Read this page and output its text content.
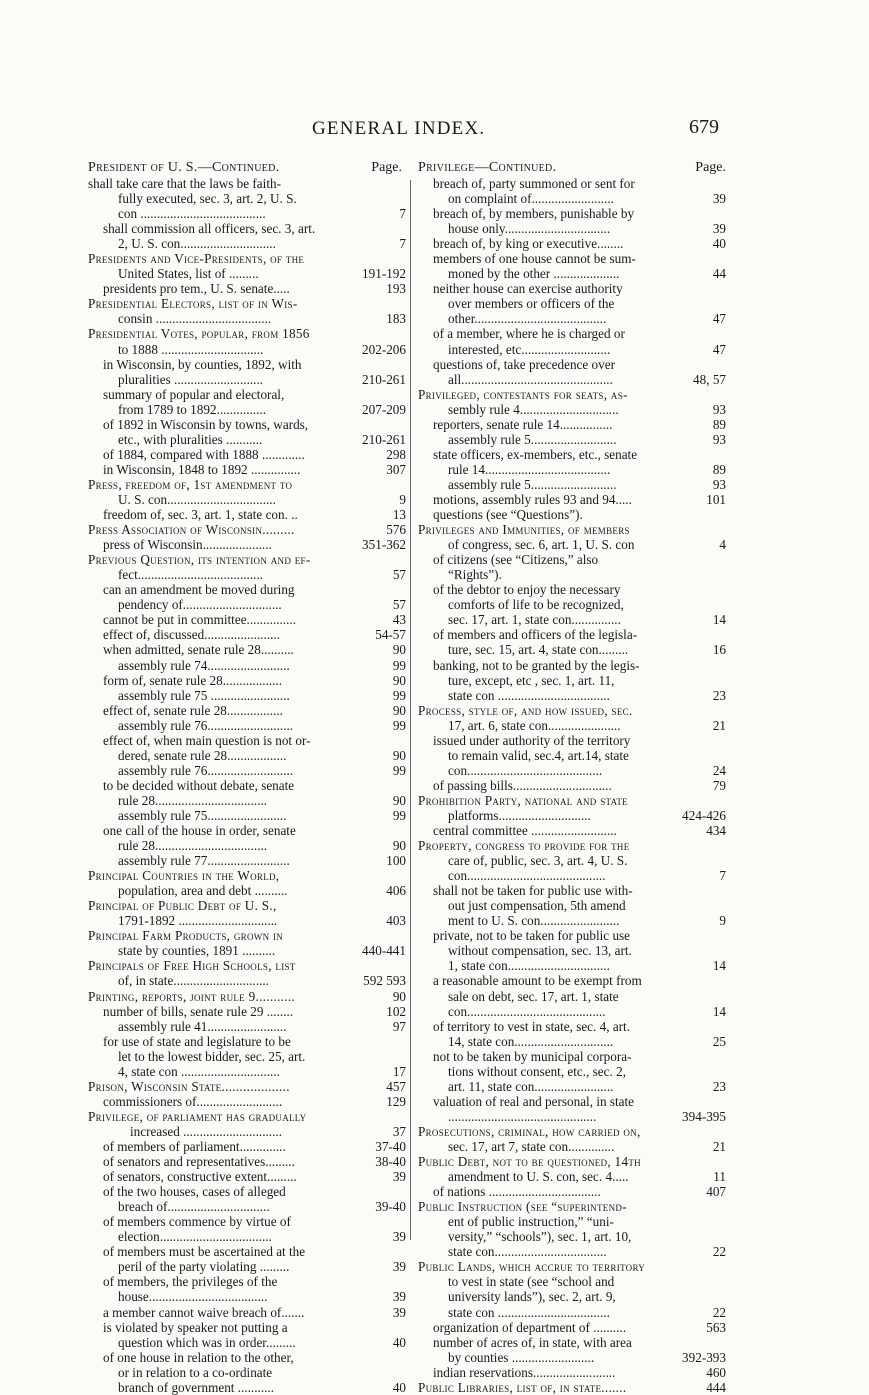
GENERAL INDEX.	679
President of U. S.—Continued.	Page.
shall take care that the laws be faith-
fully executed, sec. 3, art. 2, U. S.
con ......................................	7
shall commission all officers, sec. 3, art.
2, U. S. con.............................	7
Presidents and Vice-Presidents, of the
United States, list of .........	191-192
presidents pro tem., U. S. senate.....	193
Presidential Electors, list of in Wis-
consin ...................................	183
Presidential Votes, popular, from 1856
to 1888 ...............................	202-206
in Wisconsin, by counties, 1892, with
pluralities ...........................	210-261
summary of popular and electoral,
from 1789 to 1892...............	207-209
of 1892 in Wisconsin by towns, wards,
etc., with pluralities ...........	210-261
of 1884, compared with 1888 .............	298
in Wisconsin, 1848 to 1892 ...............	307
Press, freedom of, 1st amendment to
U. S. con.................................	9
freedom of, sec. 3, art. 1, state con. ..	13
Press Association of Wisconsin.........	576
press of Wisconsin.....................	351-362
Previous Question, its intention and ef-
fect......................................	57
can an amendment be moved during
pendency of..............................	57
cannot be put in committee...............	43
effect of, discussed.......................	54-57
when admitted, senate rule 28..........	90
assembly rule 74.........................	99
form of, senate rule 28..................	90
assembly rule 75 ........................	99
effect of, senate rule 28.................	90
assembly rule 76..........................	99
effect of, when main question is not or-
dered, senate rule 28..................	90
assembly rule 76..........................	99
to be decided without debate, senate
rule 28..................................	90
assembly rule 75........................	99
one call of the house in order, senate
rule 28..................................	90
assembly rule 77.........................	100
Principal Countries in the World,
population, area and debt ..........	406
Principal of Public Debt of U. S.,
1791-1892 ..............................	403
Principal Farm Products, grown in
state by counties, 1891 ..........	440-441
Principals of Free High Schools, list
of, in state.............................	592 593
Printing, reports, joint rule 9...........	90
number of bills, senate rule 29 ........	102
assembly rule 41........................	97
for use of state and legislature to be
let to the lowest bidder, sec. 25, art.
4, state con ..............................	17
Prison, Wisconsin State...................	457
commissioners of..........................	129
Privilege, of parliament has gradually
increased ..............................	37
of members of parliament..............	37-40
of senators and representatives.........	38-40
of senators, constructive extent.........	39
of the two houses, cases of alleged
breach of...............................	39-40
of members commence by virtue of
election..................................	39
of members must be ascertained at the
peril of the party violating .........	39
of members, the privileges of the
house....................................	39
a member cannot waive breach of.......	39
is violated by speaker not putting a
question which was in order.........	40
of one house in relation to the other,
or in relation to a co-ordinate
branch of government ...........	40
Privilege—Continued.	Page.
breach of, party summoned or sent for
on complaint of.........................	39
breach of, by members, punishable by
house only................................	39
breach of, by king or executive........	40
members of one house cannot be sum-
moned by the other ....................	44
neither house can exercise authority
over members or officers of the
other........................................	47
of a member, where he is charged or
interested, etc...........................	47
questions of, take precedence over
all..............................................	48, 57
Privileged, contestants for seats, as-
sembly rule 4..............................	93
reporters, senate rule 14................	89
assembly rule 5..........................	93
state officers, ex-members, etc., senate
rule 14......................................	89
assembly rule 5..........................	93
motions, assembly rules 93 and 94.....	101
questions (see “Questions”).
Privileges and Immunities, of members
of congress, sec. 6, art. 1, U. S. con	4
of citizens (see “Citizens,” also
“Rights”).
of the debtor to enjoy the necessary
comforts of life to be recognized,
sec. 17, art. 1, state con...............	14
of members and officers of the legisla-
ture, sec. 15, art. 4, state con.........	16
banking, not to be granted by the legis-
ture, except, etc , sec. 1, art. 11,
state con ..................................	23
Process, style of, and how issued, sec.
17, art. 6, state con......................	21
issued under authority of the territory
to remain valid, sec.4, art.14, state
con.........................................	24
of passing bills..............................	79
Prohibition Party, national and state
platforms............................	424-426
central committee ..........................	434
Property, congress to provide for the
care of, public, sec. 3, art. 4, U. S.
con..........................................	7
shall not be taken for public use with-
out just compensation, 5th amend
ment to U. S. con........................	9
private, not to be taken for public use
without compensation, sec. 13, art.
1, state con...............................	14
a reasonable amount to be exempt from
sale on debt, sec. 17, art. 1, state
con..........................................	14
of territory to vest in state, sec. 4, art.
14, state con..............................	25
not to be taken by municipal corpora-
tions without consent, etc., sec. 2,
art. 11, state con........................	23
valuation of real and personal, in state
.............................................	394-395
Prosecutions, criminal, how carried on,
sec. 17, art 7, state con..............	21
Public Debt, not to be questioned, 14th
amendment to U. S. con, sec. 4.....	11
of nations ..................................	407
Public Instruction (see “superintend-
ent of public instruction,” “uni-
versity,” “schools”), sec. 1, art. 10,
state con..................................	22
Public Lands, which accrue to territory
to vest in state (see “school and
university lands”), sec. 2, art. 9,
state con ..................................	22
organization of department of ..........	563
number of acres of, in state, with area
by counties .........................	392-393
indian reservations.........................	460
Public Libraries, list of, in state.......	444
